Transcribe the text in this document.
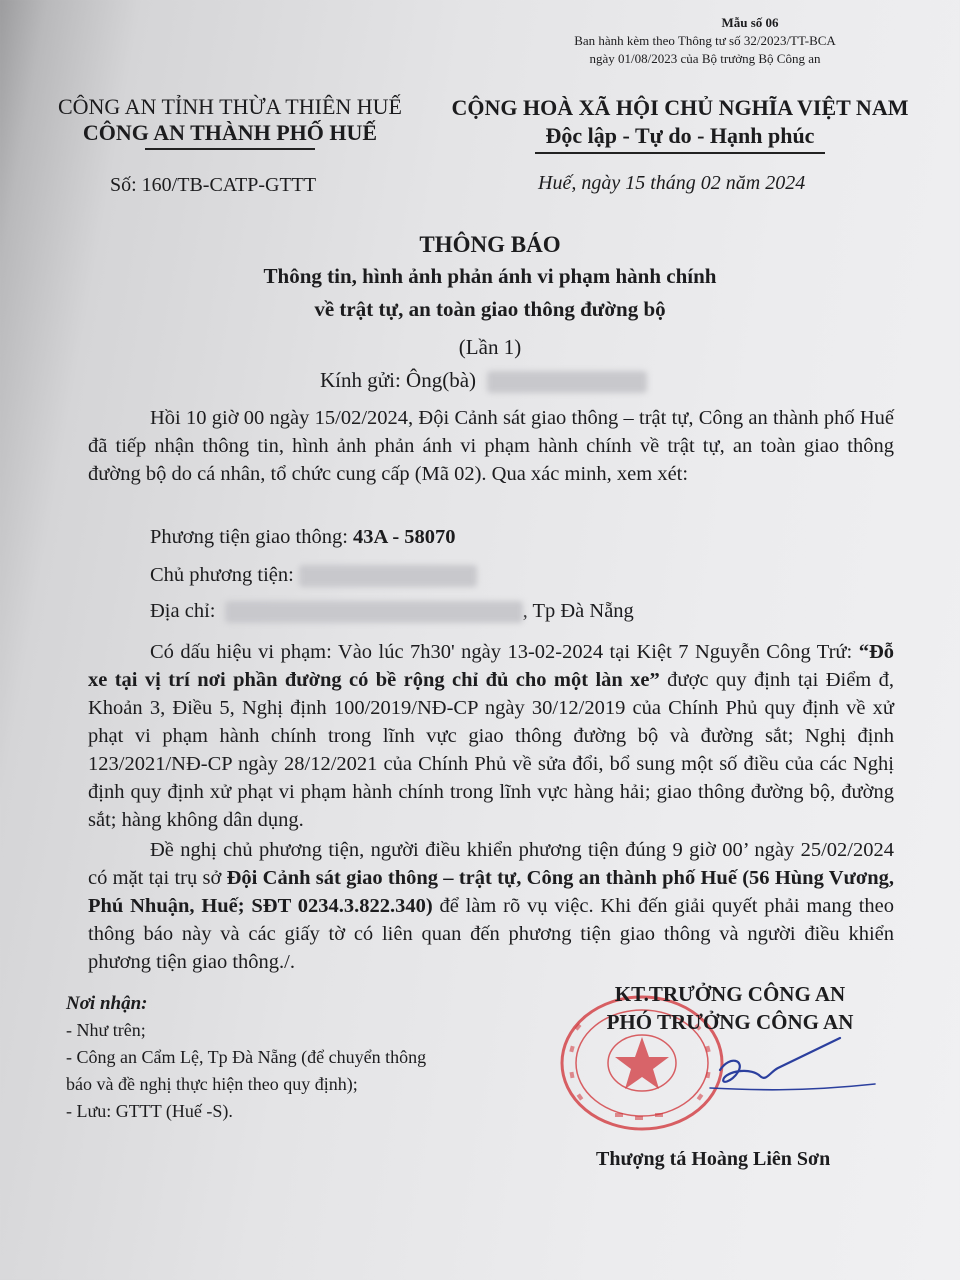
Mẫu số 06
Ban hành kèm theo Thông tư số 32/2023/TT-BCA
ngày 01/08/2023 của Bộ trưởng Bộ Công an
CÔNG AN TỈNH THỪA THIÊN HUẾ
CÔNG AN THÀNH PHỐ HUẾ
CỘNG HOÀ XÃ HỘI CHỦ NGHĨA VIỆT NAM
Độc lập - Tự do - Hạnh phúc
Số: 160/TB-CATP-GTTT	Huế, ngày 15 tháng 02 năm 2024
THÔNG BÁO
Thông tin, hình ảnh phản ánh vi phạm hành chính
về trật tự, an toàn giao thông đường bộ
(Lần 1)
Kính gửi: Ông(bà)
Hồi 10 giờ 00 ngày 15/02/2024, Đội Cảnh sát giao thông – trật tự, Công an thành phố Huế đã tiếp nhận thông tin, hình ảnh phản ánh vi phạm hành chính về trật tự, an toàn giao thông đường bộ do cá nhân, tổ chức cung cấp (Mã 02). Qua xác minh, xem xét:
Phương tiện giao thông: 43A - 58070
Chủ phương tiện:
Địa chỉ:	, Tp Đà Nẵng
Có dấu hiệu vi phạm: Vào lúc 7h30' ngày 13-02-2024 tại Kiệt 7 Nguyễn Công Trứ: “Đỗ xe tại vị trí nơi phần đường có bề rộng chỉ đủ cho một làn xe” được quy định tại Điểm đ, Khoản 3, Điều 5, Nghị định 100/2019/NĐ-CP ngày 30/12/2019 của Chính Phủ quy định về xử phạt vi phạm hành chính trong lĩnh vực giao thông đường bộ và đường sắt; Nghị định 123/2021/NĐ-CP ngày 28/12/2021 của Chính Phủ về sửa đổi, bổ sung một số điều của các Nghị định quy định xử phạt vi phạm hành chính trong lĩnh vực hàng hải; giao thông đường bộ, đường sắt; hàng không dân dụng.
Đề nghị chủ phương tiện, người điều khiển phương tiện đúng 9 giờ 00’ ngày 25/02/2024 có mặt tại trụ sở Đội Cảnh sát giao thông – trật tự, Công an thành phố Huế (56 Hùng Vương, Phú Nhuận, Huế; SĐT 0234.3.822.340) để làm rõ vụ việc. Khi đến giải quyết phải mang theo thông báo này và các giấy tờ có liên quan đến phương tiện giao thông và người điều khiển phương tiện giao thông./.
Nơi nhận:
- Như trên;
- Công an Cẩm Lệ, Tp Đà Nẵng (để chuyển thông
báo và đề nghị thực hiện theo quy định);
- Lưu: GTTT (Huế -S).
KT.TRƯỞNG CÔNG AN
PHÓ TRƯỞNG CÔNG AN
Thượng tá Hoàng Liên Sơn
